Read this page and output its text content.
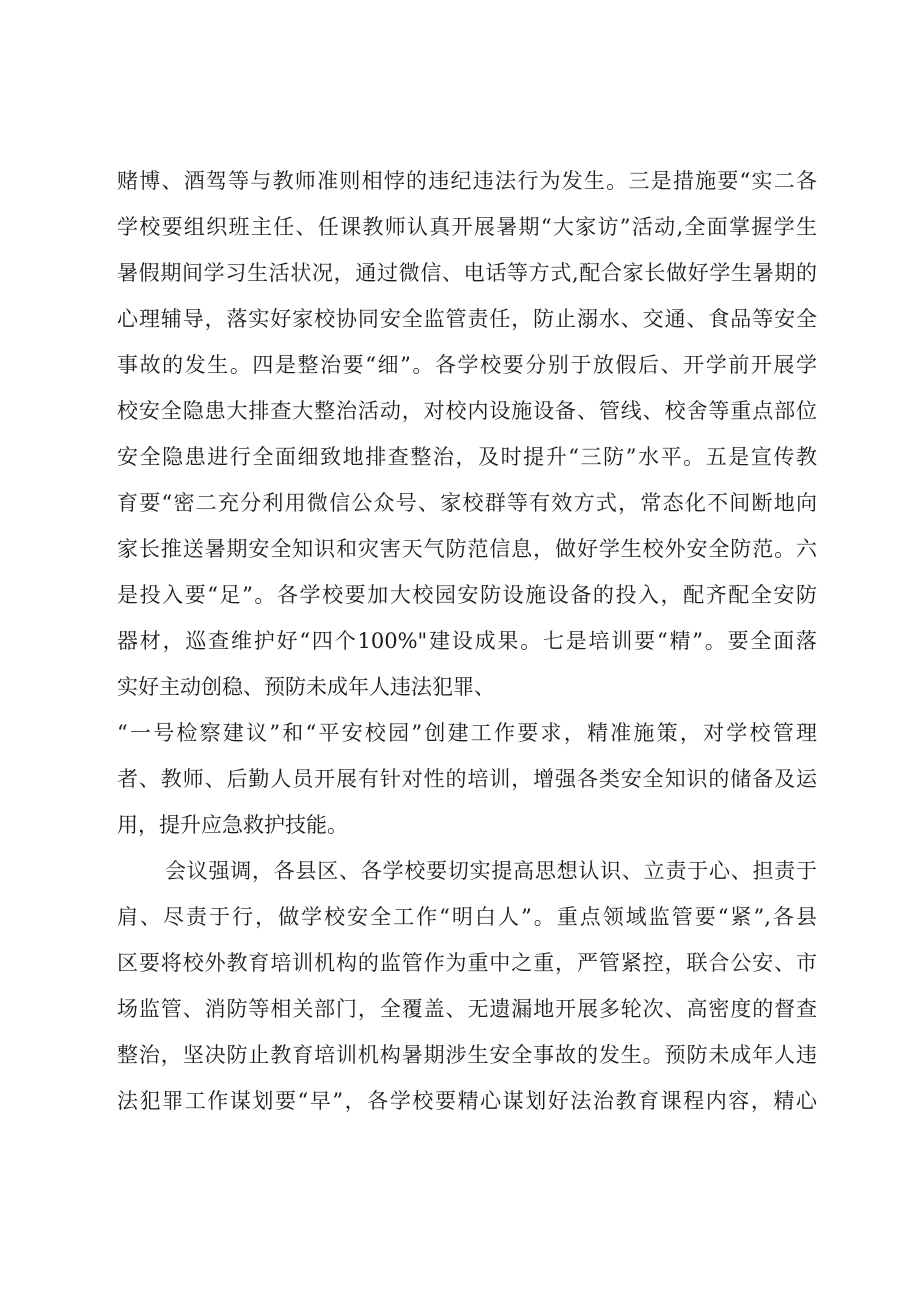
赌博、酒驾等与教师准则相悖的违纪违法行为发生。三是措施要“实二各
学校要组织班主任、任课教师认真开展暑期“大家访”活动,全面掌握学生
暑假期间学习生活状况，通过微信、电话等方式,配合家长做好学生暑期的
心理辅导，落实好家校协同安全监管责任，防止溺水、交通、食品等安全
事故的发生。四是整治要“细”。各学校要分别于放假后、开学前开展学
校安全隐患大排查大整治活动，对校内设施设备、管线、校舍等重点部位
安全隐患进行全面细致地排查整治，及时提升“三防”水平。五是宣传教
育要“密二充分利用微信公众号、家校群等有效方式，常态化不间断地向
家长推送暑期安全知识和灾害天气防范信息，做好学生校外安全防范。六
是投入要“足”。各学校要加大校园安防设施设备的投入，配齐配全安防
器材，巡查维护好“四个100%"建设成果。七是培训要“精”。要全面落
实好主动创稳、预防未成年人违法犯罪、
“一号检察建议”和“平安校园”创建工作要求，精准施策，对学校管理
者、教师、后勤人员开展有针对性的培训，增强各类安全知识的储备及运
用，提升应急救护技能。
会议强调，各县区、各学校要切实提高思想认识、立责于心、担责于
肩、尽责于行，做学校安全工作“明白人”。重点领域监管要“紧”,各县
区要将校外教育培训机构的监管作为重中之重，严管紧控，联合公安、市
场监管、消防等相关部门，全覆盖、无遗漏地开展多轮次、高密度的督查
整治，坚决防止教育培训机构暑期涉生安全事故的发生。预防未成年人违
法犯罪工作谋划要“早”，各学校要精心谋划好法治教育课程内容，精心
